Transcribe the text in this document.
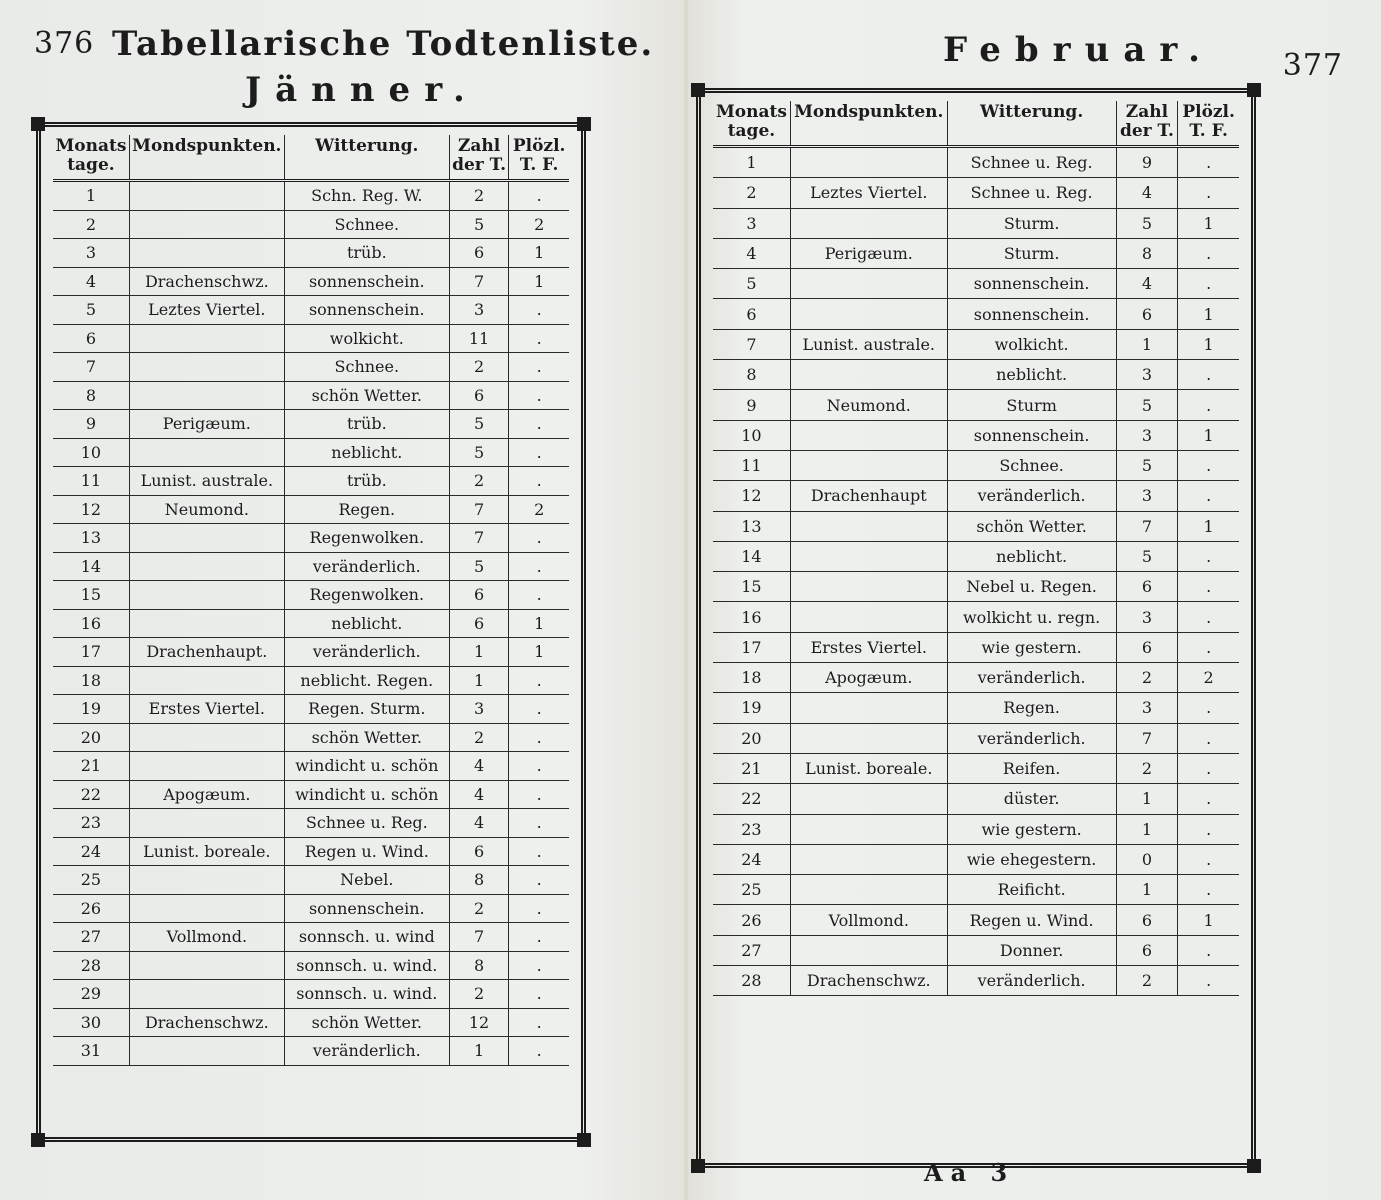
376 Tabellarische Todtenliste.
Jänner.
Monats tage.	Mondspunkten.	Witterung.	Zahl der T.	Plözl. T. F.
1		Schn. Reg. W.	2	.
2		Schnee.	5	2
3		trüb.	6	1
4	Drachenschwz.	sonnenschein.	7	1
5	Leztes Viertel.	sonnenschein.	3	.
6		wolkicht.	11	.
7		Schnee.	2	.
8		schön Wetter.	6	.
9	Perigæum.	trüb.	5	.
10		neblicht.	5	.
11	Lunist. australe.	trüb.	2	.
12	Neumond.	Regen.	7	2
13		Regenwolken.	7	.
14		veränderlich.	5	.
15		Regenwolken.	6	.
16		neblicht.	6	1
17	Drachenhaupt.	veränderlich.	1	1
18		neblicht. Regen.	1	.
19	Erstes Viertel.	Regen. Sturm.	3	.
20		schön Wetter.	2	.
21		windicht u. schön	4	.
22	Apogæum.	windicht u. schön	4	.
23		Schnee u. Reg.	4	.
24	Lunist. boreale.	Regen u. Wind.	6	.
25		Nebel.	8	.
26		sonnenschein.	2	.
27	Vollmond.	sonnsch. u. wind	7	.
28		sonnsch. u. wind.	8	.
29		sonnsch. u. wind.	2	.
30	Drachenschwz.	schön Wetter.	12	.
31		veränderlich.	1	.
Februar. 377
Monats tage.	Mondspunkten.	Witterung.	Zahl der T.	Plözl. T. F.
1		Schnee u. Reg.	9	.
2	Leztes Viertel.	Schnee u. Reg.	4	.
3		Sturm.	5	1
4	Perigæum.	Sturm.	8	.
5		sonnenschein.	4	.
6		sonnenschein.	6	1
7	Lunist. australe.	wolkicht.	1	1
8		neblicht.	3	.
9	Neumond.	Sturm	5	.
10		sonnenschein.	3	1
11		Schnee.	5	.
12	Drachenhaupt	veränderlich.	3	.
13		schön Wetter.	7	1
14		neblicht.	5	.
15		Nebel u. Regen.	6	.
16		wolkicht u. regn.	3	.
17	Erstes Viertel.	wie gestern.	6	.
18	Apogæum.	veränderlich.	2	2
19		Regen.	3	.
20		veränderlich.	7	.
21	Lunist. boreale.	Reifen.	2	.
22		düster.	1	.
23		wie gestern.	1	.
24		wie ehegestern.	0	.
25		Reificht.	1	.
26	Vollmond.	Regen u. Wind.	6	1
27		Donner.	6	.
28	Drachenschwz.	veränderlich.	2	.
Aa 3
